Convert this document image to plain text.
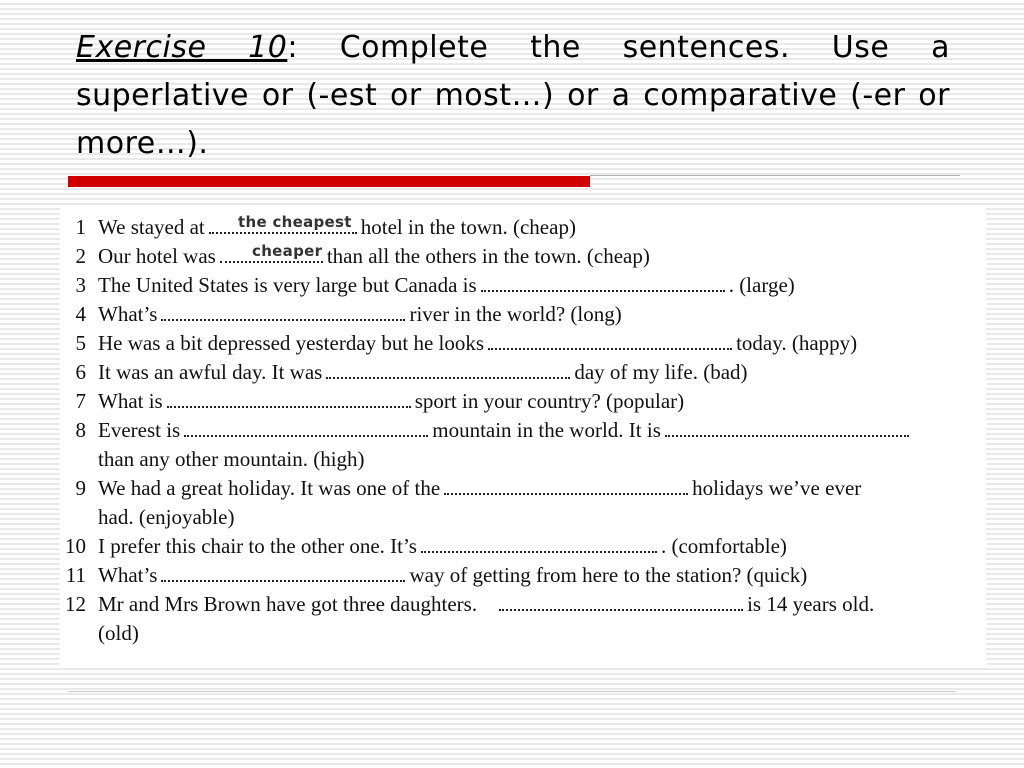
Exercise 10: Complete the sentences. Use a superlative or (-est or most…) or a comparative (-er or more…).
1 We stayed at	hotel in the town. (cheap)
the cheapest
2 Our hotel was	than all the others in the town. (cheap)
cheaper
3 The United States is very large but Canada is	. (large)
4 What’s	river in the world? (long)
5 He was a bit depressed yesterday but he looks	today. (happy)
6 It was an awful day. It was	day of my life. (bad)
7 What is	sport in your country? (popular)
8 Everest is	mountain in the world. It is
than any other mountain. (high)
9 We had a great holiday. It was one of the	holidays we’ve ever
had. (enjoyable)
10 I prefer this chair to the other one. It’s	. (comfortable)
11 What’s	way of getting from here to the station? (quick)
12 Mr and Mrs Brown have got three daughters.	is 14 years old.
(old)
